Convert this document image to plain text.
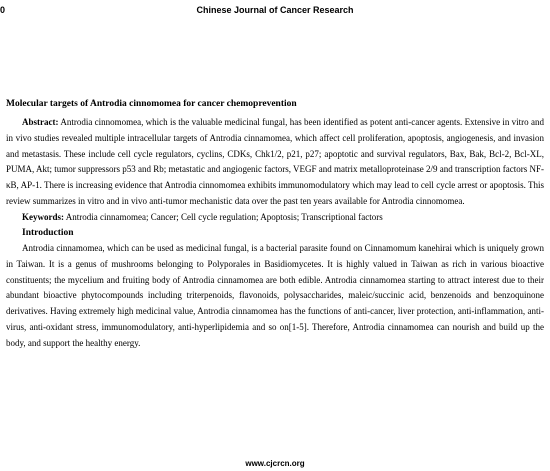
0	Chinese Journal of Cancer Research

Molecular targets of Antrodia cinnomomea for cancer chemoprevention

Abstract: Antrodia cinnomomea, which is the valuable medicinal fungal, has been identified as potent anti-cancer agents. Extensive in vitro and in vivo studies revealed multiple intracellular targets of Antrodia cinnamomea, which affect cell proliferation, apoptosis, angiogenesis, and invasion and metastasis. These include cell cycle regulators, cyclins, CDKs, Chk1/2, p21, p27; apoptotic and survival regulators, Bax, Bak, Bcl-2, Bcl-XL, PUMA, Akt; tumor suppressors p53 and Rb; metastatic and angiogenic factors, VEGF and matrix metalloproteinase 2/9 and transcription factors NF-κB, AP-1. There is increasing evidence that Antrodia cinnomomea exhibits immunomodulatory which may lead to cell cycle arrest or apoptosis. This review summarizes in vitro and in vivo anti-tumor mechanistic data over the past ten years available for Antrodia cinnomomea.

Keywords: Antrodia cinnamomea; Cancer; Cell cycle regulation; Apoptosis; Transcriptional factors

Introduction

Antrodia cinnamomea, which can be used as medicinal fungal, is a bacterial parasite found on Cinnamomum kanehirai which is uniquely grown in Taiwan. It is a genus of mushrooms belonging to Polyporales in Basidiomycetes. It is highly valued in Taiwan as rich in various bioactive constituents; the mycelium and fruiting body of Antrodia cinnamomea are both edible. Antrodia cinnamomea starting to attract interest due to their abundant bioactive phytocompounds including triterpenoids, flavonoids, polysaccharides, maleic/succinic acid, benzenoids and benzoquinone derivatives. Having extremely high medicinal value, Antrodia cinnamomea has the functions of anti-cancer, liver protection, anti-inflammation, anti-virus, anti-oxidant stress, immunomodulatory, anti-hyperlipidemia and so on[1-5]. Therefore, Antrodia cinnamomea can nourish and build up the body, and support the healthy energy.

www.cjcrcn.org
